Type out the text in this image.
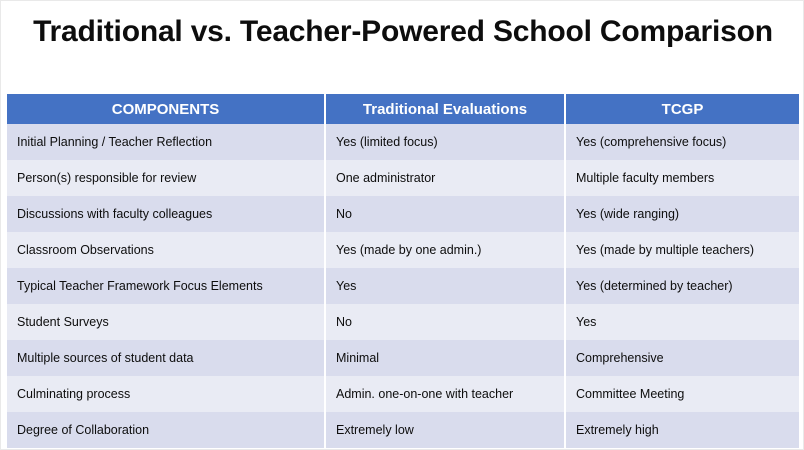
Traditional vs. Teacher-Powered School Comparison
COMPONENTS	Traditional Evaluations	TCGP
Initial Planning / Teacher Reflection	Yes (limited focus)	Yes (comprehensive focus)
Person(s) responsible for review	One administrator	Multiple faculty members
Discussions with faculty colleagues	No	Yes (wide ranging)
Classroom Observations	Yes (made by one admin.)	Yes (made by multiple teachers)
Typical Teacher Framework Focus Elements	Yes	Yes (determined by teacher)
Student Surveys	No	Yes
Multiple sources of student data	Minimal	Comprehensive
Culminating process	Admin. one-on-one with teacher	Committee Meeting
Degree of Collaboration	Extremely low	Extremely high
